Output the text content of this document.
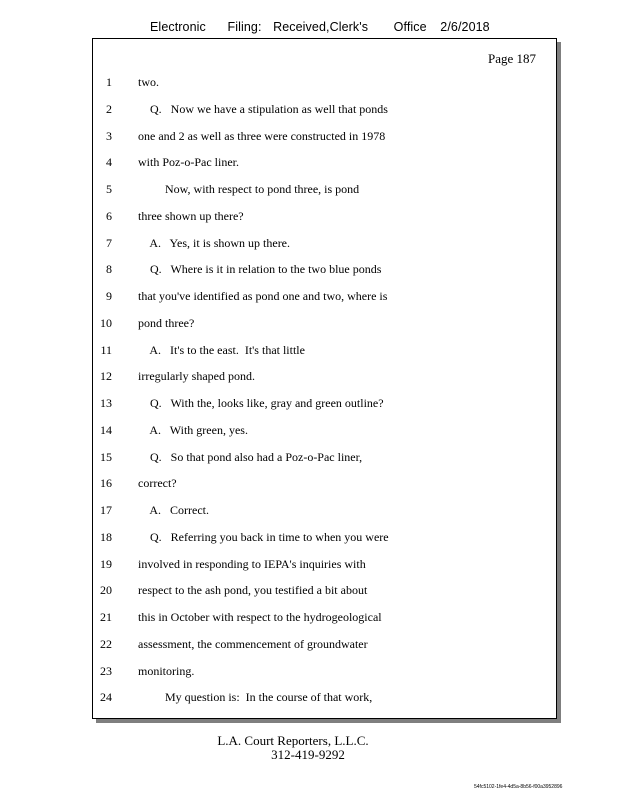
Electronic Filing: Received,Clerk's Office 2/6/2018
Page 187
1 two.
2 Q.   Now we have a stipulation as well that ponds
3 one and 2 as well as three were constructed in 1978
4 with Poz-o-Pac liner.
5 Now, with respect to pond three, is pond
6 three shown up there?
7 A.   Yes, it is shown up there.
8 Q.   Where is it in relation to the two blue ponds
9 that you've identified as pond one and two, where is
10 pond three?
11 A.   It's to the east.  It's that little
12 irregularly shaped pond.
13 Q.   With the, looks like, gray and green outline?
14 A.   With green, yes.
15 Q.   So that pond also had a Poz-o-Pac liner,
16 correct?
17 A.   Correct.
18 Q.   Referring you back in time to when you were
19 involved in responding to IEPA's inquiries with
20 respect to the ash pond, you testified a bit about
21 this in October with respect to the hydrogeological
22 assessment, the commencement of groundwater
23 monitoring.
24 My question is:  In the course of that work,
L.A. Court Reporters, L.L.C.
312-419-9292
54fc5102-1fe4-4d5a-8b56-f00a3952896
